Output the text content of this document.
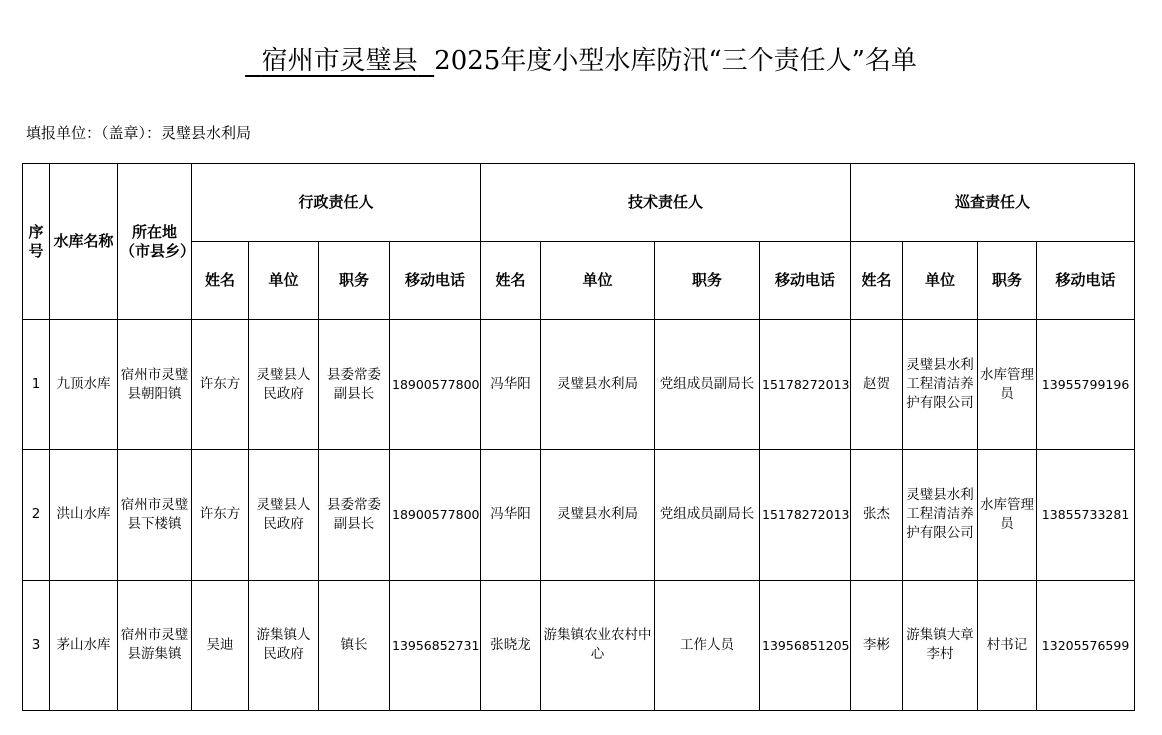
宿州市灵璧县 2025年度小型水库防汛“三个责任人”名单
填报单位：（盖章）：灵璧县水利局
序号	水库名称	所在地（市县乡）	行政责任人				技术责任人				巡查责任人			
			姓名	单位	职务	移动电话	姓名	单位	职务	移动电话	姓名	单位	职务	移动电话
1	九顶水库	宿州市灵璧县朝阳镇	许东方	灵璧县人民政府	县委常委副县长	18900577800	冯华阳	灵璧县水利局	党组成员副局长	15178272013	赵贺	灵璧县水利工程清洁养护有限公司	水库管理员	13955799196
2	洪山水库	宿州市灵璧县下楼镇	许东方	灵璧县人民政府	县委常委副县长	18900577800	冯华阳	灵璧县水利局	党组成员副局长	15178272013	张杰	灵璧县水利工程清洁养护有限公司	水库管理员	13855733281
3	茅山水库	宿州市灵璧县游集镇	吴迪	游集镇人民政府	镇长	13956852731	张晓龙	游集镇农业农村中心	工作人员	13956851205	李彬	游集镇大章李村	村书记	13205576599
